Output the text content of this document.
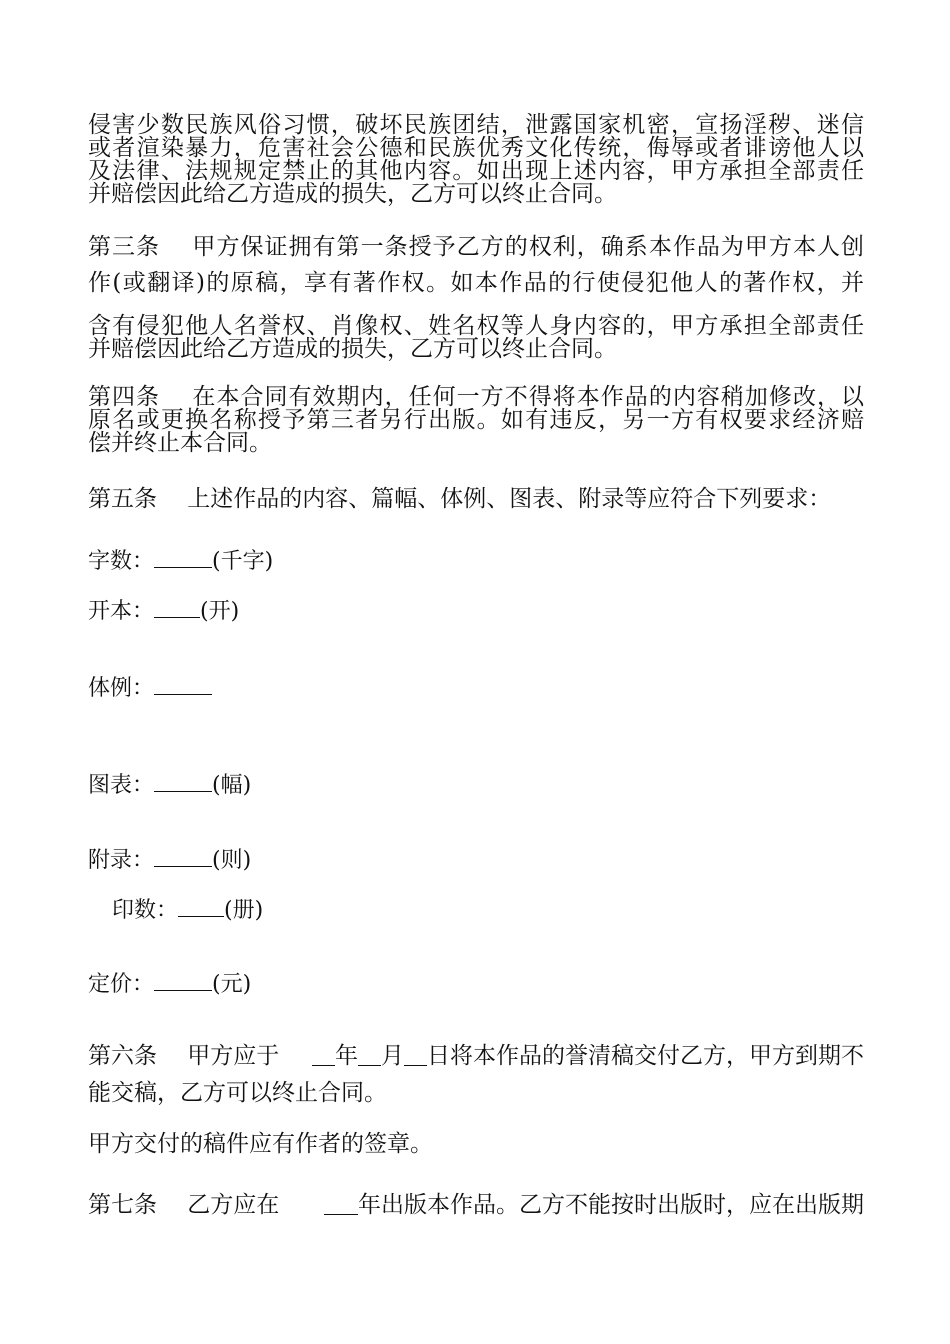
侵害少数民族风俗习惯，破坏民族团结，泄露国家机密，宣扬淫秽、迷信
或者渲染暴力，危害社会公德和民族优秀文化传统，侮辱或者诽谤他人以
及法律、法规规定禁止的其他内容。如出现上述内容，甲方承担全部责任
并赔偿因此给乙方造成的损失，乙方可以终止合同。
第三条　 甲方保证拥有第一条授予乙方的权利，确系本作品为甲方本人创
作(或翻译)的原稿，享有著作权。如本作品的行使侵犯他人的著作权，并
含有侵犯他人名誉权、肖像权、姓名权等人身内容的，甲方承担全部责任
并赔偿因此给乙方造成的损失，乙方可以终止合同。
第四条　 在本合同有效期内，任何一方不得将本作品的内容稍加修改，以
原名或更换名称授予第三者另行出版。如有违反，另一方有权要求经济赔
偿并终止本合同。
第五条　 上述作品的内容、篇幅、体例、图表、附录等应符合下列要求：
字数：	(千字)
开本： (开)
体例：
图表：	(幅)
附录：	(则)
印数： (册)
定价：	(元)
第六条　 甲方应于 年 月 日将本作品的誉清稿交付乙方，甲方到期不
能交稿，乙方可以终止合同。
甲方交付的稿件应有作者的签章。
第七条　 乙方应在	年出版本作品。乙方不能按时出版时，应在出版期
